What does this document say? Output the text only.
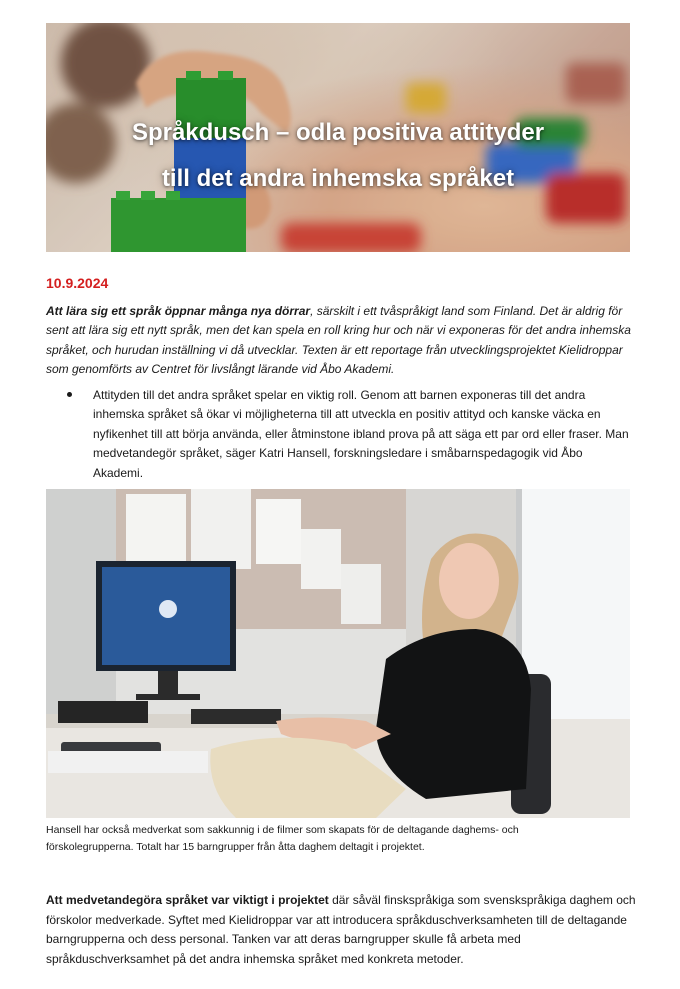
Språkdusch – odla positiva attityder
till det andra inhemska språket
10.9.2024

Att lära sig ett språk öppnar många nya dörrar, särskilt i ett tvåspråkigt land som Finland. Det är aldrig för sent att lära sig ett nytt språk, men det kan spela en roll kring hur och när vi exponeras för det andra inhemska språket, och hurudan inställning vi då utvecklar. Texten är ett reportage från utvecklingsprojektet Kielidroppar som genomförts av Centret för livslångt lärande vid Åbo Akademi.

Attityden till det andra språket spelar en viktig roll. Genom att barnen exponeras till det andra inhemska språket så ökar vi möjligheterna till att utveckla en positiv attityd och kanske väcka en nyfikenhet till att börja använda, eller åtminstone ibland prova på att säga ett par ord eller fraser. Man medvetandegör språket, säger Katri Hansell, forskningsledare i småbarnspedagogik vid Åbo Akademi.

Hansell har också medverkat som sakkunnig i de filmer som skapats för de deltagande daghems- och förskolegrupperna. Totalt har 15 barngrupper från åtta daghem deltagit i projektet.

Att medvetandegöra språket var viktigt i projektet där såväl finskspråkiga som svenskspråkiga daghem och förskolor medverkade. Syftet med Kielidroppar var att introducera språkduschverksamheten till de deltagande barngrupperna och dess personal. Tanken var att deras barngrupper skulle få arbeta med språkduschverksamhet på det andra inhemska språket med konkreta metoder.
